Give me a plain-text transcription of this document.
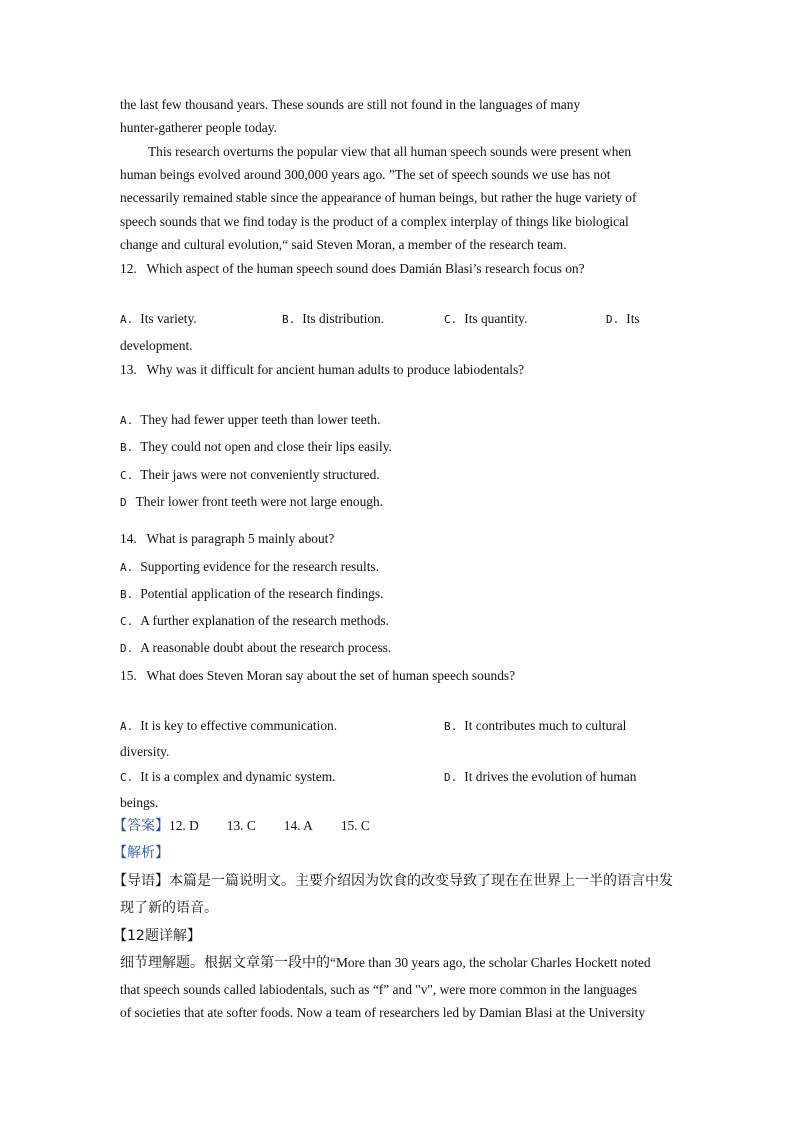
the last few thousand years. These sounds are still not found in the languages of many
hunter-gatherer people today.
This research overturns the popular view that all human speech sounds were present when
human beings evolved around 300,000 years ago. ”The set of speech sounds we use has not
necessarily remained stable since the appearance of human beings, but rather the huge variety of
speech sounds that we find today is the product of a complex interplay of things like biological
change and cultural evolution,“ said Steven Moran, a member of the research team.
12.   Which aspect of the human speech sound does Damián Blasi’s research focus on?
A. Its variety.	B. Its distribution.	C. Its quantity.	D. Its
development.
13.   Why was it difficult for ancient human adults to produce labiodentals?
A. They had fewer upper teeth than lower teeth.
B. They could not open and close their lips easily.
C. Their jaws were not conveniently structured.
D Their lower front teeth were not large enough.
14.   What is paragraph 5 mainly about?
A. Supporting evidence for the research results.
B. Potential application of the research findings.
C. A further explanation of the research methods.
D. A reasonable doubt about the research process.
15.   What does Steven Moran say about the set of human speech sounds?
A. It is key to effective communication.	B. It contributes much to cultural
diversity.
C. It is a complex and dynamic system.	D. It drives the evolution of human
beings.
【答案】12. D 13. C 14. A 15. C
【解析】
【导语】本篇是一篇说明文。主要介绍因为饮食的改变导致了现在在世界上一半的语言中发
现了新的语音。
【12题详解】
细节理解题。根据文章第一段中的“More than 30 years ago, the scholar Charles Hockett noted
that speech sounds called labiodentals, such as “f” and "v", were more common in the languages
of societies that ate softer foods. Now a team of researchers led by Damian Blasi at the University
